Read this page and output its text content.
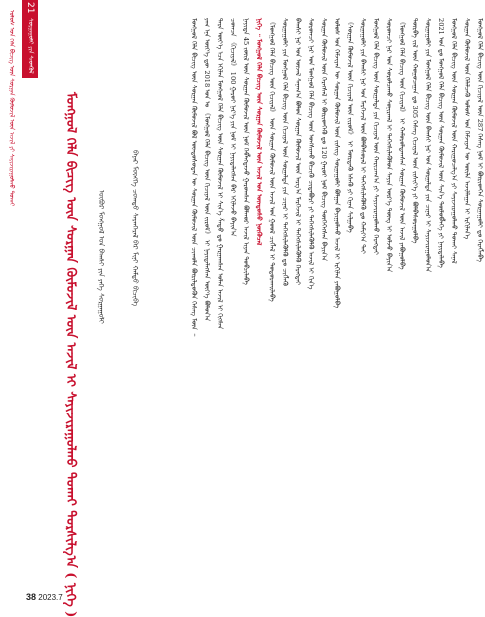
21
ᠰᠤᠷᠭᠠᠭᠤᠯᠢ ᠶᠢᠨ ᠰᠡᠳᠬᠦᠯ
ᠤᠯᠤᠰ ᠤᠨ ᠬᠡᠯᠡ ᠪᠢᠴᠢᠭ ᠦᠨ ᠰᠤᠷᠭᠠᠨ ᠬᠦᠮᠦᠵᠢᠯ ᠦᠨ ᠠᠵᠢᠯ ᠶᠢ ᠰᠠᠶᠢᠵᠢᠷᠠᠭᠤᠯᠬᠤ ᠲᠤᠬᠠᠢ	ᠮᠣᠩᠭᠣᠯ ᠬᠡᠯᠡ ᠪᠢᠴᠢᠭ ᠦᠨ ᠰᠤᠷᠭᠠᠨ ᠬᠦᠮᠦᠵᠢᠯ ᠦᠨ ᠠᠵᠢᠯ ᠢ ᠰᠠᠶᠢᠵᠢᠷᠠᠭᠤᠯᠬᠤ ᠲᠤᠬᠠᠢ ᠲᠤᠷᠰᠢᠯᠭ᠎ᠠ ( ᠨᠢᠭᠡ )	ᠦᠪᠦᠷ ᠮᠣᠩᠭᠣᠯ ᠤᠨ ᠪᠠᠭᠰᠢ ᠶᠢᠨ ᠶᠡᠬᠡ ᠰᠤᠷᠭᠠᠭᠤᠯᠢ	ᠪᠠᠶᠠᠷ ᠮᠦᠩᠭᠡ ᠴᠣᠭᠲᠤ ᠰᠠᠷᠠᠨᠭᠡᠷᠡᠯ ᠪᠡᠷ ᠮᠢᠨᠢ ᠬᠠᠮᠲᠤ ᠪᠢᠴᠢᠪᠡ	ᠮᠣᠩᠭᠣᠯ ᠬᠡᠯᠡ ᠪᠢᠴᠢᠭ ᠦᠨ ᠰᠤᠷᠭᠠᠨ ᠬᠦᠮᠦᠵᠢᠯ ᠪᠣᠯ ᠦᠨᠳᠦᠰᠦᠲᠡᠨ ᠦ ᠰᠤᠷᠭᠠᠨ ᠬᠦᠮᠦᠵᠢᠯ ᠦᠨ ᠴᠢᠬᠤᠯᠠ ᠪᠦᠷᠢᠯᠳᠦᠬᠦᠨ ᠬᠡᠰᠡᠭ ᠮᠥᠨ ᠃ ᠶᠠᠭ ᠡᠨᠡ ᠦᠶ᠎ᠡ ᠳᠦ 2018 ᠣᠨ ᠤ 《ᠮᠣᠩᠭᠣᠯ ᠬᠡᠯᠡ ᠪᠢᠴᠢᠭ ᠦᠨ ᠬᠢᠴᠢᠶᠡᠯ ᠦᠨ ᠵᠢᠷᠤᠮ》 ᠢ ᠨᠡᠶᠢᠲᠡᠯᠡᠭᠰᠡᠨ ᠦᠶ᠎ᠡ ᠪᠤᠯᠤᠨ᠎ᠠ ᠲᠡᠷᠡ ᠦᠶ᠎ᠡ ᠡᠴᠡ ᠡᠬᠢᠯᠡᠨ ᠮᠣᠩᠭᠣᠯ ᠬᠡᠯᠡ ᠪᠢᠴᠢᠭ ᠦᠨ ᠰᠤᠷᠭᠠᠨ ᠬᠦᠮᠦᠵᠢᠯ ᠢ ᠰᠢᠨ᠎ᠡ ᠱᠠᠲᠤ ᠳᠤ ᠭᠠᠷᠭᠠᠭᠰᠠᠨ ᠣᠯᠠᠨ ᠠᠵᠢᠯ ᠢ ᠬᠢᠭᠰᠡᠨ ᠴᠣᠭᠴᠠ 《ᠬᠢᠴᠢᠶᠡᠯ》 100 ᠭᠠᠷᠤᠢ ᠨᠡᠷ᠎ᠡ ᠶᠢᠨ ᠨᠣᠮ ᠢ ᠨᠡᠶᠢᠲᠡᠯᠡᠭᠰᠡᠨ ᠪᠡᠷ ᠡᠬᠢᠯᠡᠵᠦ ᠪᠠᠶᠢᠨ᠎ᠠ ᠨᠡᠶᠢᠲᠡ 45 ᠵᠦᠢᠯ ᠦᠨ ᠰᠤᠷᠭᠠᠨ ᠬᠦᠮᠦᠵᠢᠯ ᠦᠨ ᠨᠣᠮ ᠬᠡᠪᠯᠡᠭᠳᠡᠵᠦ ᠭᠠᠷᠤᠭᠰᠠᠨ ᠪᠣᠯᠬᠣᠷ ᠠᠵᠢᠯ ᠢᠶᠠᠨ ᠲᠣᠪᠴᠢᠯᠠᠪᠠ ᠨᠢᠭᠡ ᠃ ᠮᠣᠩᠭᠣᠯ ᠬᠡᠯᠡ ᠪᠢᠴᠢᠭ ᠦᠨ ᠰᠤᠷᠭᠠᠨ ᠬᠦᠮᠦᠵᠢᠯ ᠦᠨ ᠠᠵᠢᠯ ᠤᠨ ᠦᠨᠳᠦᠰᠦ ᠨᠥᠬᠦᠴᠡᠯ 《ᠮᠣᠩᠭᠣᠯ ᠬᠡᠯᠡ ᠪᠢᠴᠢᠭ ᠦᠨ ᠬᠢᠴᠢᠶᠡᠯ》 ᠦᠨ ᠰᠤᠷᠭᠠᠨ ᠬᠦᠮᠦᠵᠢᠯ ᠦᠨ ᠠᠵᠢᠯ ᠤᠨ ᠭᠣᠣᠯ ᠴᠢᠭᠯᠡᠯ ᠢ ᠲᠣᠳᠣᠷᠬᠠᠢᠯᠠᠪᠠ ᠰᠤᠷᠭᠠᠭᠤᠯᠢ ᠶᠢᠨ ᠮᠣᠩᠭᠣᠯ ᠬᠡᠯᠡ ᠪᠢᠴᠢᠭ ᠦᠨ ᠬᠢᠴᠢᠶᠡᠯ ᠦᠨ ᠰᠤᠷᠭᠠᠯᠲᠠ ᠶᠢᠨ ᠴᠢᠨᠠᠷ ᠢ ᠳᠡᠭᠡᠭᠰᠢᠯᠡᠭᠦᠯᠬᠦ ᠳᠤ ᠴᠢᠭᠯᠡᠬᠦ ᠪᠠᠭᠰᠢ ᠨᠠᠷ ᠤᠨ ᠦᠵᠡᠯ ᠰᠠᠨᠠᠭ᠎ᠠ ᠪᠣᠯᠤᠨ ᠰᠤᠷᠭᠠᠨ ᠬᠦᠮᠦᠵᠢᠯ ᠦᠨ ᠠᠷᠭ᠎ᠠ ᠮᠡᠷᠭᠡᠵᠢᠯ ᠢ ᠳᠡᠭᠡᠭᠰᠢᠯᠡᠭᠦᠯᠬᠦ ᠬᠡᠷᠡᠭᠲᠡᠶ ᠰᠤᠷᠤᠭᠴᠢ ᠨᠠᠷ ᠤᠨ ᠮᠣᠩᠭᠣᠯ ᠬᠡᠯᠡ ᠪᠢᠴᠢᠭ ᠦᠨ ᠤᠩᠰᠢᠬᠤ ᠪᠢᠴᠢᠬᠦ ᠴᠢᠳᠠᠪᠤᠷᠢ ᠶᠢ ᠳᠡᠭᠡᠭᠰᠢᠯᠡᠭᠦᠯᠬᠦ ᠠᠵᠢᠯ ᠢ ᠬᠢᠨ᠎ᠡ ᠰᠤᠷᠭᠠᠨ ᠬᠦᠮᠦᠵᠢᠯ ᠦᠨ ᠬᠡᠷᠡᠭᠰᠡᠯ ᠢ ᠪᠦᠷᠢᠳᠬᠡᠬᠦ ᠳᠤ 120 ᠭᠠᠷᠤᠢ ᠨᠣᠮ ᠪᠢᠴᠢᠭ ᠲᠦᠭᠡᠭᠡᠭᠰᠡᠨ ᠪᠠᠶᠢᠨ᠎ᠠ ᠤᠯᠤᠰ ᠤᠨ ᠬᠡᠮᠵᠢᠶᠡᠨ ᠦ ᠰᠤᠷᠭᠠᠨ ᠬᠦᠮᠦᠵᠢᠯ ᠦᠨ ᠵᠢᠱᠢᠭ ᠰᠤᠷᠭᠠᠭᠤᠯᠢ ᠪᠣᠯᠭᠠᠨ ᠪᠠᠶᠢᠭᠤᠯᠬᠤ ᠠᠵᠢᠯ ᠢ ᠡᠷᠬᠢᠯᠡᠨ ᠶᠠᠪᠤᠭᠤᠯᠪᠠ 《ᠰᠤᠷᠭᠠᠨ ᠬᠦᠮᠦᠵᠢᠯ ᠦᠨ ᠬᠢᠴᠢᠶᠡᠯ ᠦᠨ ᠵᠢᠷᠤᠮ》 ᠢ ᠮᠥᠷᠳᠡᠬᠦ ᠡᠰᠡᠬᠦ ᠶᠢ ᠬᠢᠨᠠᠨ ᠰᠢᠯᠭᠠᠪᠠ ᠰᠤᠷᠭᠠᠭᠤᠯᠢ ᠶᠢᠨ ᠪᠠᠭᠰᠢ ᠨᠠᠷ ᠤᠨ ᠮᠡᠷᠭᠡᠵᠢᠯ ᠦᠨ ᠪᠣᠯᠪᠠᠰᠤᠷᠠᠯ ᠢ ᠳᠡᠭᠡᠭᠰᠢᠯᠡᠭᠦᠯᠬᠦ ᠳᠤ ᠬᠠᠮᠢᠶ᠎ᠠ ᠲᠠᠢ ᠮᠣᠩᠭᠣᠯ ᠬᠡᠯᠡ ᠪᠢᠴᠢᠭ ᠦᠨ ᠰᠤᠷᠭᠠᠯᠲᠠ ᠶᠢᠨ ᠬᠢᠴᠢᠶᠡᠯ ᠦᠨ ᠬᠠᠷᠢᠴᠠᠭ᠎ᠠ ᠶᠢ ᠰᠠᠶᠢᠵᠢᠷᠠᠭᠤᠯᠬᠤ ᠬᠡᠷᠡᠭᠲᠡᠶ ᠰᠤᠷᠤᠭᠴᠢ ᠨᠠᠷ ᠤᠨ ᠰᠤᠷᠤᠯᠴᠠᠬᠤ ᠰᠣᠨᠢᠷᠬᠠᠯ ᠢ ᠳᠡᠭᠡᠭᠰᠢᠯᠡᠭᠦᠯᠦᠨ ᠰᠠᠶᠢᠨ ᠦᠷ᠎ᠡ ᠳᠦᠩ ᠢ ᠣᠯᠵᠤ ᠪᠠᠶᠢᠨ᠎ᠠ 《ᠮᠣᠩᠭᠣᠯ ᠬᠡᠯᠡ ᠪᠢᠴᠢᠭ ᠦᠨ ᠬᠢᠴᠢᠶᠡᠯ》 ᠢ ᠬᠠᠮᠤᠷᠤᠯᠳᠠᠭᠰᠠᠨ ᠰᠤᠷᠭᠠᠨ ᠬᠦᠮᠦᠵᠢᠯ ᠦᠨ ᠠᠵᠢᠯ ᠶᠠᠪᠤᠭᠤᠯᠪᠠ ᠳᠦᠷᠪᠡ ᠵᠢᠯ ᠦᠨ ᠬᠤᠭᠤᠴᠠᠭᠠᠨ ᠳᠤ 305 ᠬᠡᠰᠡᠭ ᠬᠢᠴᠢᠶᠡᠯ ᠦᠨ ᠵᠢᠱᠢᠶ᠎ᠡ ᠶᠢ ᠪᠣᠯᠪᠠᠰᠤᠷᠠᠭᠤᠯᠪᠠ ᠰᠤᠷᠭᠠᠭᠤᠯᠢ ᠶᠢᠨ ᠮᠣᠩᠭᠣᠯ ᠬᠡᠯᠡ ᠪᠢᠴᠢᠭ ᠦᠨ ᠪᠠᠭᠰᠢ ᠨᠠᠷ ᠤᠨ ᠰᠤᠷᠭᠠᠯᠲᠠ ᠶᠢᠨ ᠴᠢᠨᠠᠷ ᠢ ᠰᠠᠶᠢᠵᠢᠷᠠᠭᠤᠯᠤᠨ᠎ᠠ 2021 ᠣᠨ ᠳᠤ ᠮᠣᠩᠭᠣᠯ ᠬᠡᠯᠡ ᠪᠢᠴᠢᠭ ᠦᠨ ᠰᠤᠷᠭᠠᠨ ᠬᠦᠮᠦᠵᠢᠯ ᠦᠨ ᠰᠢᠨ᠎ᠡ ᠲᠥᠯᠥᠪᠯᠡᠭᠡ ᠶᠢ ᠨᠡᠶᠢᠲᠡᠯᠡᠪᠡ ᠮᠣᠩᠭᠣᠯ ᠬᠡᠯᠡ ᠪᠢᠴᠢᠭ ᠦᠨ ᠰᠤᠷᠭᠠᠨ ᠬᠦᠮᠦᠵᠢᠯ ᠦᠨ ᠬᠠᠷᠢᠭᠤᠴᠠᠯᠭ᠎ᠠ ᠶᠢ ᠰᠠᠶᠢᠵᠢᠷᠠᠭᠤᠯᠬᠤ ᠲᠤᠬᠠᠢ ᠰᠠᠨᠠᠯ ᠰᠤᠷᠭᠠᠨ ᠬᠦᠮᠦᠵᠢᠯ ᠦᠨ ᠬᠡᠯᠡᠯᠴᠡᠬᠦ ᠤᠯᠤᠰ ᠤᠨ ᠬᠡᠮᠵᠢᠶᠡᠨ ᠦ ᠦᠢᠯᠡ ᠠᠵᠢᠯᠯᠠᠭᠠᠨ ᠢ ᠡᠷᠬᠢᠯᠡᠨ᠎ᠡ ᠮᠣᠩᠭᠣᠯ ᠬᠡᠯᠡ ᠪᠢᠴᠢᠭ ᠦᠨ ᠬᠢᠴᠢᠶᠡᠯ ᠦᠨ 287 ᠬᠡᠰᠡᠭ ᠨᠣᠮ ᠢ ᠪᠦᠷᠢᠳᠬᠡᠨ ᠰᠤᠷᠭᠠᠭᠤᠯᠢ ᠳᠤ ᠬᠡᠷᠡᠭᠯᠡᠪᠡ
38 2023.7
